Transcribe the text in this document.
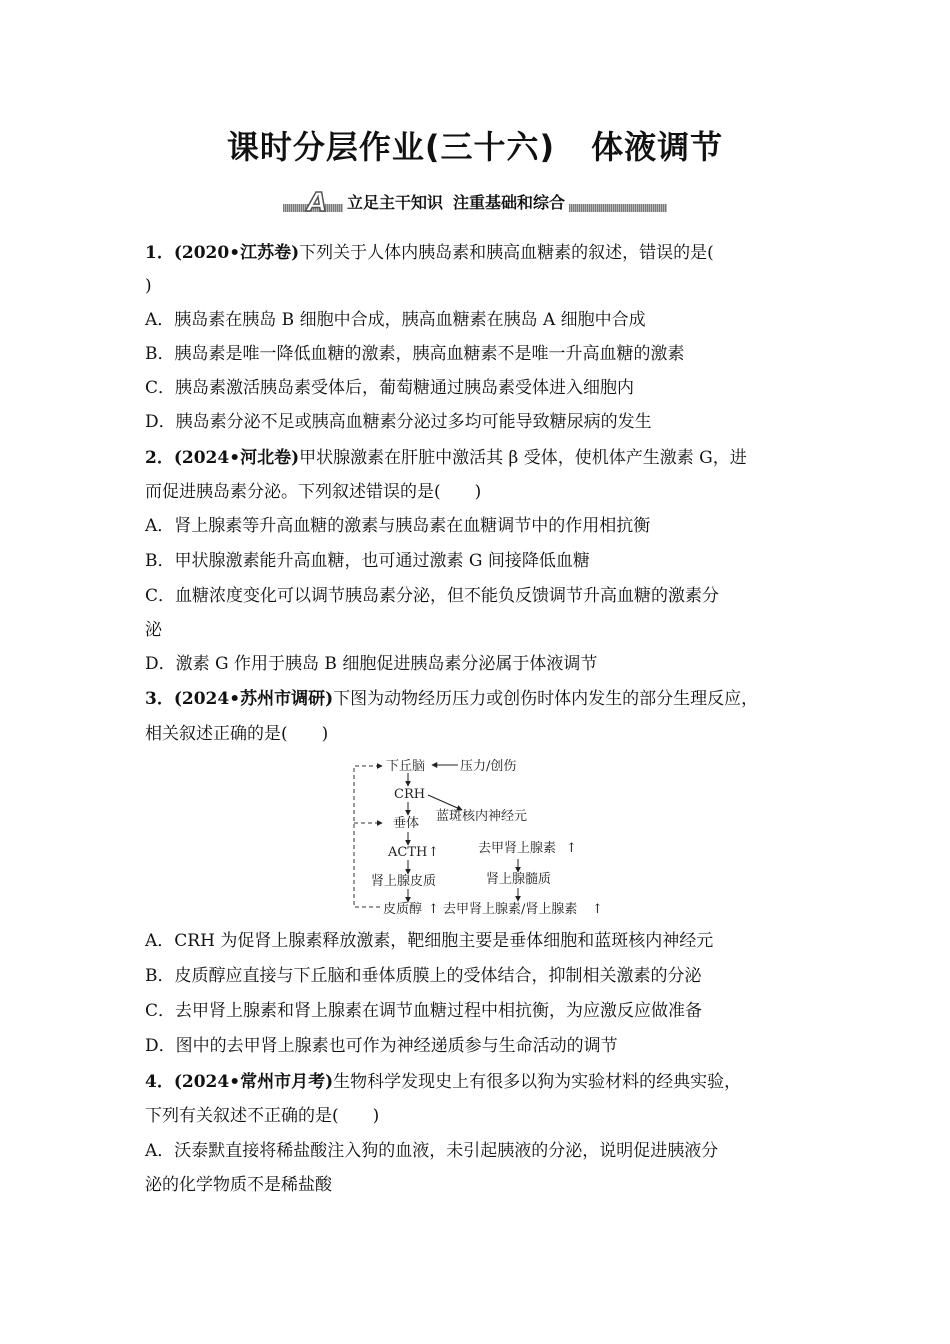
课时分层作业(三十六) 体液调节
A	立足主干知识 注重基础和综合
1．(2020•江苏卷)下列关于人体内胰岛素和胰高血糖素的叙述，错误的是(
)
A．胰岛素在胰岛 B 细胞中合成，胰高血糖素在胰岛 A 细胞中合成
B．胰岛素是唯一降低血糖的激素，胰高血糖素不是唯一升高血糖的激素
C．胰岛素激活胰岛素受体后，葡萄糖通过胰岛素受体进入细胞内
D．胰岛素分泌不足或胰高血糖素分泌过多均可能导致糖尿病的发生
2．(2024•河北卷)甲状腺激素在肝脏中激活其 β 受体，使机体产生激素 G，进
而促进胰岛素分泌。下列叙述错误的是(　　)
A．肾上腺素等升高血糖的激素与胰岛素在血糖调节中的作用相抗衡
B．甲状腺激素能升高血糖，也可通过激素 G 间接降低血糖
C．血糖浓度变化可以调节胰岛素分泌，但不能负反馈调节升高血糖的激素分
泌
D．激素 G 作用于胰岛 B 细胞促进胰岛素分泌属于体液调节
3．(2024•苏州市调研)下图为动物经历压力或创伤时体内发生的部分生理反应，
相关叙述正确的是(　　)
下丘脑	压力/创伤
CRH
蓝斑核内神经元
垂体
去甲肾上腺素 ↑
ACTH ↑
肾上腺皮质	肾上腺髓质
皮质醇 ↑ 去甲肾上腺素/肾上腺素 ↑
A．CRH 为促肾上腺素释放激素，靶细胞主要是垂体细胞和蓝斑核内神经元
B．皮质醇应直接与下丘脑和垂体质膜上的受体结合，抑制相关激素的分泌
C．去甲肾上腺素和肾上腺素在调节血糖过程中相抗衡，为应激反应做准备
D．图中的去甲肾上腺素也可作为神经递质参与生命活动的调节
4．(2024•常州市月考)生物科学发现史上有很多以狗为实验材料的经典实验，
下列有关叙述不正确的是(　　)
A．沃泰默直接将稀盐酸注入狗的血液，未引起胰液的分泌，说明促进胰液分
泌的化学物质不是稀盐酸
